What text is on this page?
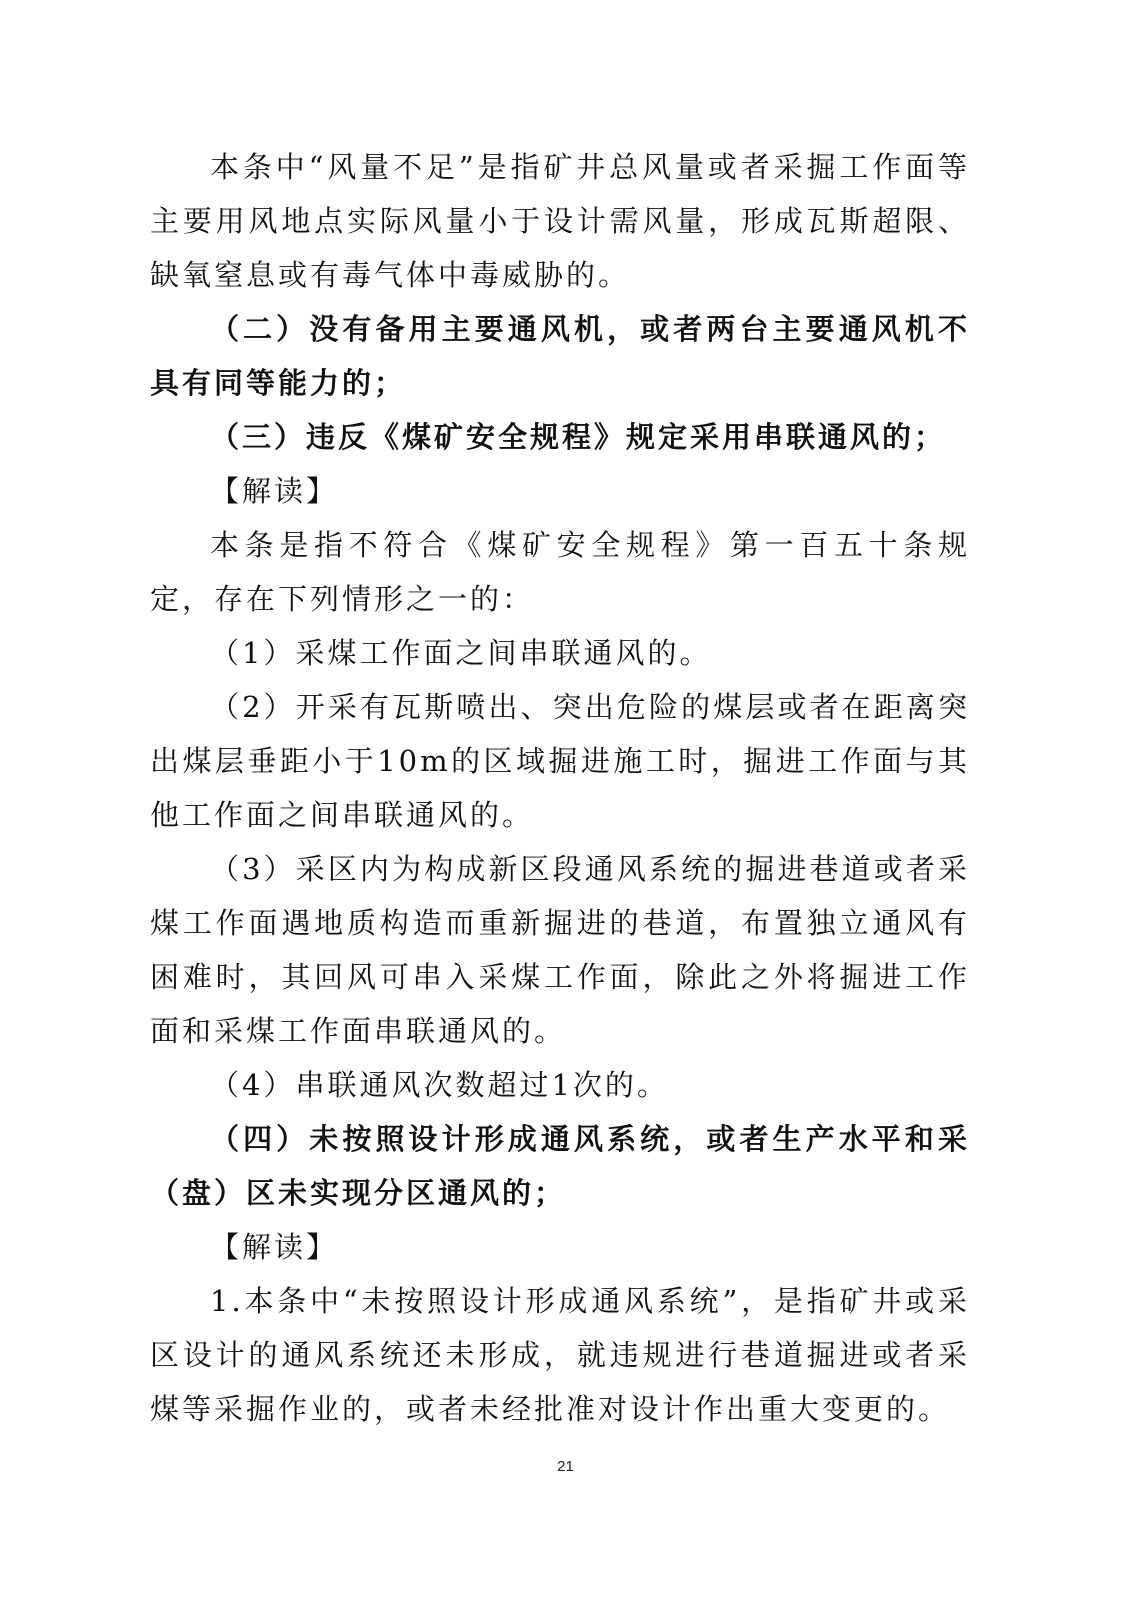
本条中“风量不足”是指矿井总风量或者采掘工作面等主要用风地点实际风量小于设计需风量，形成瓦斯超限、缺氧窒息或有毒气体中毒威胁的。

（二）没有备用主要通风机，或者两台主要通风机不具有同等能力的；

（三）违反《煤矿安全规程》规定采用串联通风的；

【解读】

本条是指不符合《煤矿安全规程》第一百五十条规定，存在下列情形之一的：

（1）采煤工作面之间串联通风的。

（2）开采有瓦斯喷出、突出危险的煤层或者在距离突出煤层垂距小于10m的区域掘进施工时，掘进工作面与其他工作面之间串联通风的。

（3）采区内为构成新区段通风系统的掘进巷道或者采煤工作面遇地质构造而重新掘进的巷道，布置独立通风有困难时，其回风可串入采煤工作面，除此之外将掘进工作面和采煤工作面串联通风的。

（4）串联通风次数超过1次的。

（四）未按照设计形成通风系统，或者生产水平和采（盘）区未实现分区通风的；

【解读】

1.本条中“未按照设计形成通风系统”，是指矿井或采区设计的通风系统还未形成，就违规进行巷道掘进或者采煤等采掘作业的，或者未经批准对设计作出重大变更的。

21
